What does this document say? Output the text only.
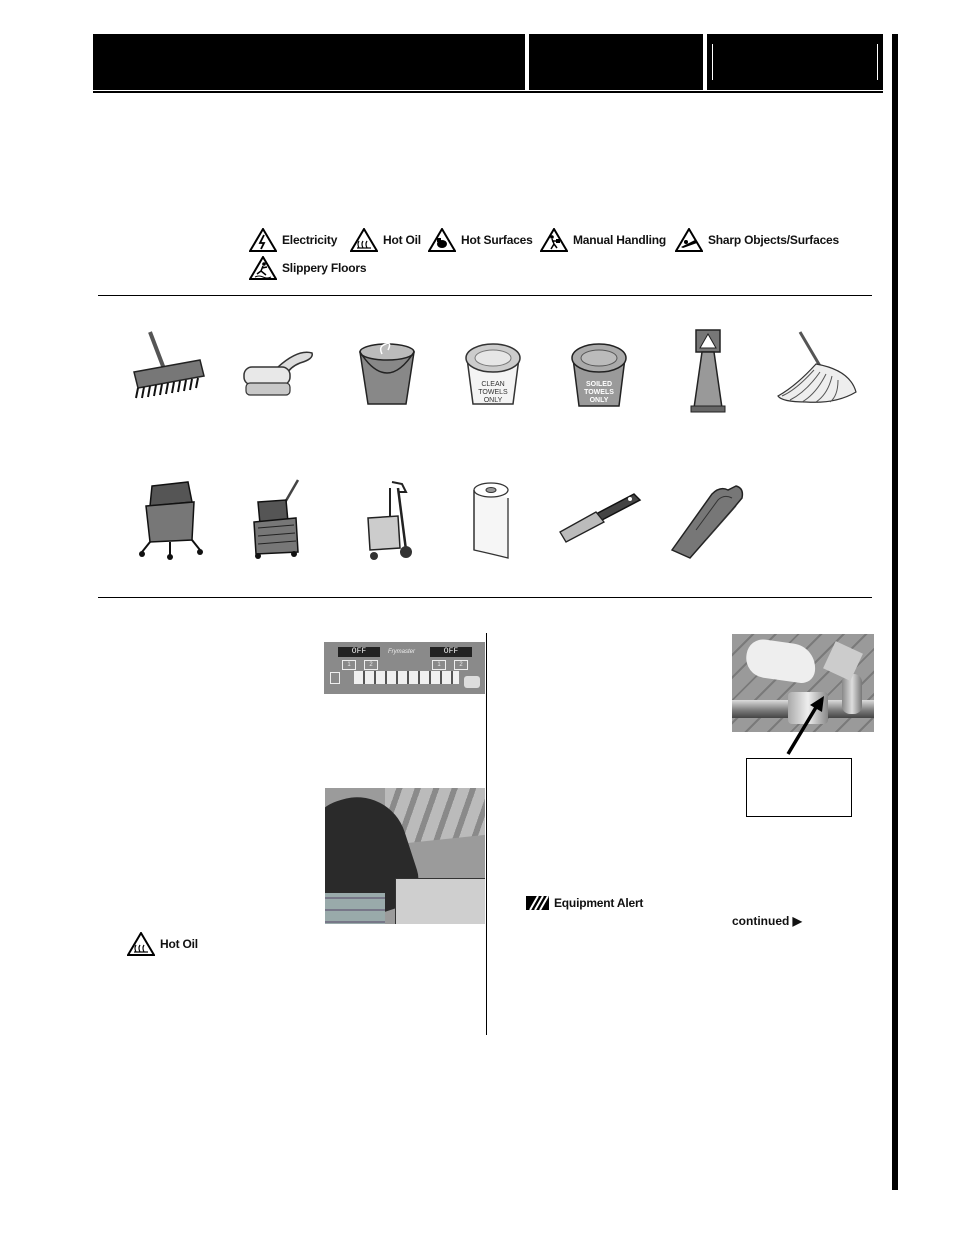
Electricity	Hot Oil	Hot Surfaces	Manual Handling	Sharp Objects/Surfaces
Slippery Floors
CLEAN
TOWELS
ONLY
SOILED
TOWELS
ONLY
OFF	Frymaster	OFF
1	2	1	2
Hot Oil
Equipment Alert
continued ▶
